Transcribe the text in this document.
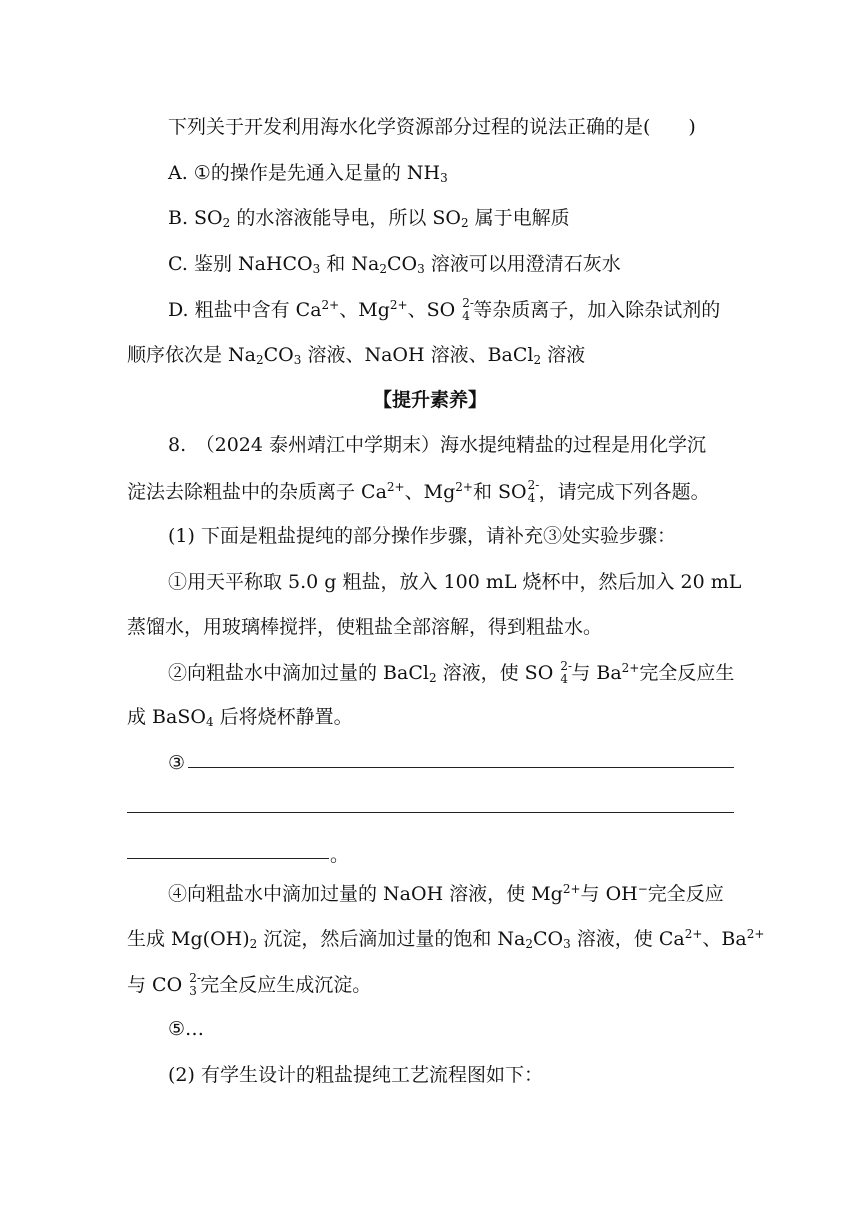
下列关于开发利用海水化学资源部分过程的说法正确的是(　　)
A. ①的操作是先通入足量的 $NH_3$
B. $SO_2$ 的水溶液能导电，所以 $SO_2$ 属于电解质
C. 鉴别 NaHCO$_3$ 和 $Na_2CO_3$ 溶液可以用澄清石灰水
D. 粗盐中含有 $Ca^{2+}$、$Mg^{2+}$、SO 2-
4 等杂质离子，加入除杂试剂的
顺序依次是 $Na_2CO_3$ 溶液、NaOH 溶液、BaCl$_2$ 溶液
【提升素养】
8.　（2024 泰州靖江中学期末）海水提纯精盐的过程是用化学沉
淀法去除粗盐中的杂质离子 $Ca^{2+}$、$Mg^{2+}$和 SO 2-
4 ，请完成下列各题。
(1) 下面是粗盐提纯的部分操作步骤，请补充③处实验步骤：
①用天平称取 5.0 g 粗盐，放入 100 mL 烧杯中，然后加入 20 mL
蒸馏水，用玻璃棒搅拌，使粗盐全部溶解，得到粗盐水。
②向粗盐水中滴加过量的 BaCl$_2$ 溶液，使 SO 2-
4 与 $Ba^{2+}$完全反应生
成 BaSO$_4$ 后将烧杯静置。
③
。
④向粗盐水中滴加过量的 NaOH 溶液，使 $Mg^{2+}$与 OH−完全反应
生成 $Mg(OH)_2$ 沉淀，然后滴加过量的饱和 $Na_2CO_3$ 溶液，使 $Ca^{2+}$、$Ba^{2+}$
与 CO 2-
3 完全反应生成沉淀。
⑤…
(2) 有学生设计的粗盐提纯工艺流程图如下：
